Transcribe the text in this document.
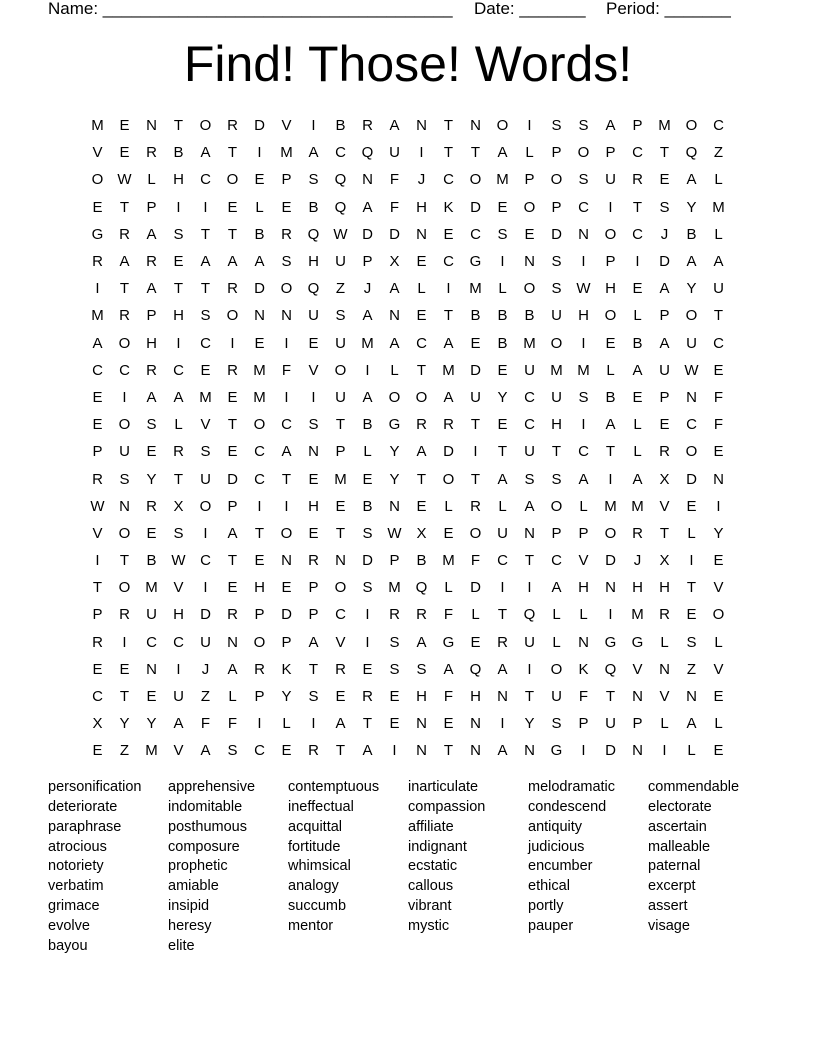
Name: _____________________________________ Date: _______ Period: _______
Find! Those! Words!
M	E	N	T	O	R	D	V	I	B	R	A	N	T	N	O	I	S	S	A	P	M O	C
V	E	R	B	A	T	I	M	A	C	Q	U	I	T	T	A	L	P	O	P	C	T	Q	Z
O W	L	H	C	O	E	P	S	Q	N	F	J	C	O M	P	O	S	U	R	E	A	L
E	T	P	I	I	E	L	E	B	Q	A	F	H	K	D	E	O	P	C	I	T	S	Y	M
G	R	A	S	T	T	B	R	Q W D	D	N	E	C	S	E	D	N	O	C	J	B	L
R	A	R	E	A	A	A	S	H	U	P	X	E	C	G	I	N	S	I	P	I	D	A	A
I	T	A	T	T	R	D	O	Q	Z	J	A	L	I	M	L	O	S W H	E	A	Y	U
M	R	P	H	S	O	N	N	U	S	A	N	E	T	B	B	B	U	H	O	L	P	O	T
A	O	H	I	C	I	E	I	E	U	M	A	C	A	E	B	M O	I	E	B	A	U	C
C	C	R	C	E	R	M	F	V	O	I	L	T	M	D	E	U	M M	L	A	U W E
E	I	A	A	M	E	M	I	I	U	A	O	O	A	U	Y	C	U	S	B	E	P	N	F
E	O	S	L	V	T	O	C	S	T	B	G	R	R	T	E	C	H	I	A	L	E	C	F
P	U	E	R	S	E	C	A	N	P	L	Y	A	D	I	T	U	T	C	T	L	R	O	E
R	S	Y	T	U	D	C	T	E	M	E	Y	T	O	T	A	S	S	A	I	A	X	D	N
W N	R	X	O	P	I	I	H	E	B	N	E	L	R	L	A	O	L	M M	V	E	I
V	O	E	S	I	A	T	O	E	T	S W X	E	O	U	N	P	P	O	R	T	L	Y
I	T	B W C	T	E	N	R	N	D	P	B	M	F	C	T	C	V	D	J	X	I	E
T	O M	V	I	E	H	E	P	O	S	M Q	L	D	I	I	A	H	N	H	H	T	V
P	R	U	H	D	R	P	D	P	C	I	R	R	F	L	T	Q	L	L	I	M	R	E	O
R	I	C	C	U	N	O	P	A	V	I	S	A	G	E	R	U	L	N	G	G	L	S	L
E	E	N	I	J	A	R	K	T	R	E	S	S	A	Q	A	I	O	K	Q	V	N	Z	V
C	T	E	U	Z	L	P	Y	S	E	R	E	H	F	H	N	T	U	F	T	N	V	N	E
X	Y	Y	A	F	F	I	L	I	A	T	E	N	E	N	I	Y	S	P	U	P	L	A	L
E	Z	M	V	A	S	C	E	R	T	A	I	N	T	N	A	N	G	I	D	N	I	L	E
personification
deteriorate
paraphrase
atrocious
notoriety
verbatim
grimace
evolve
bayou
apprehensive
indomitable
posthumous
composure
prophetic
amiable
insipid
heresy
elite
contemptuous
ineffectual
acquittal
fortitude
whimsical
analogy
succumb
mentor
inarticulate
compassion
affiliate
indignant
ecstatic
callous
vibrant
mystic
melodramatic
condescend
antiquity
judicious
encumber
ethical
portly
pauper
commendable
electorate
ascertain
malleable
paternal
excerpt
assert
visage
